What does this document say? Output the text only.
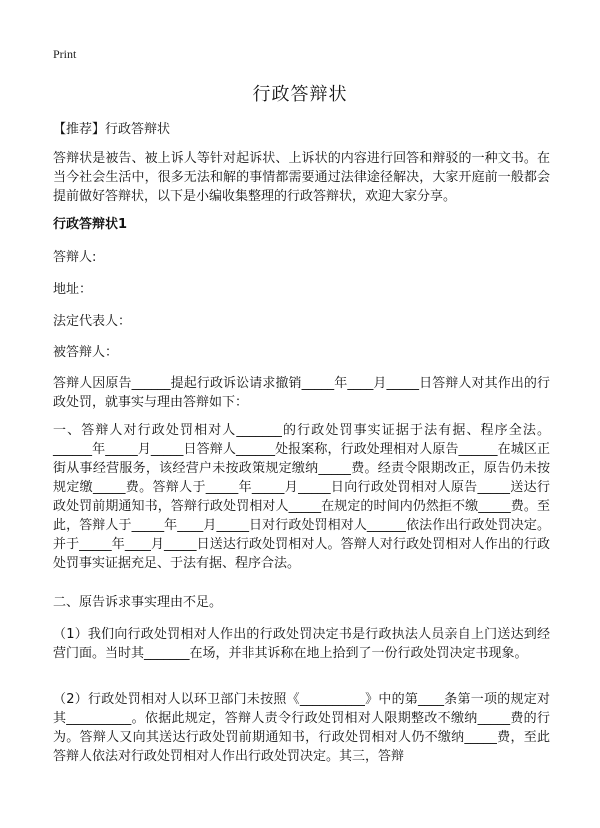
Print
行政答辩状
【推荐】行政答辩状
答辩状是被告、被上诉人等针对起诉状、上诉状的内容进行回答和辩驳的一种文书。在当今社会生活中，很多无法和解的事情都需要通过法律途径解决，大家开庭前一般都会提前做好答辩状，以下是小编收集整理的行政答辩状，欢迎大家分享。
行政答辩状1
答辩人:
地址：
法定代表人：
被答辩人：
答辩人因原告______提起行政诉讼请求撤销_____年____月_____日答辩人对其作出的行政处罚，就事实与理由答辩如下：
一、答辩人对行政处罚相对人_______的行政处罚事实证据于法有据、程序全法。______年_____月_____日答辩人______处报案称，行政处理相对人原告______在城区正街从事经营服务，该经营户未按政策规定缴纳_____费。经责令限期改正，原告仍未按规定缴_____费。答辩人于_____年_____月_____日向行政处罚相对人原告_____送达行政处罚前期通知书，答辩行政处罚相对人_____在规定的时间内仍然拒不缴_____费。至此，答辩人于_____年____月_____日对行政处罚相对人______依法作出行政处罚决定。并于_____年____月_____日送达行政处罚相对人。答辩人对行政处罚相对人作出的行政处罚事实证据充足、于法有据、程序合法。
二、原告诉求事实理由不足。
（1）我们向行政处罚相对人作出的行政处罚决定书是行政执法人员亲自上门送达到经营门面。当时其_______在场，并非其诉称在地上拾到了一份行政处罚决定书现象。
（2）行政处罚相对人以环卫部门未按照《__________》中的第____条第一项的规定对其__________。依据此规定，答辩人责令行政处罚相对人限期整改不缴纳_____费的行为。答辩人又向其送达行政处罚前期通知书，行政处罚相对人仍不缴纳_____费，至此答辩人依法对行政处罚相对人作出行政处罚决定。其三，答辩
